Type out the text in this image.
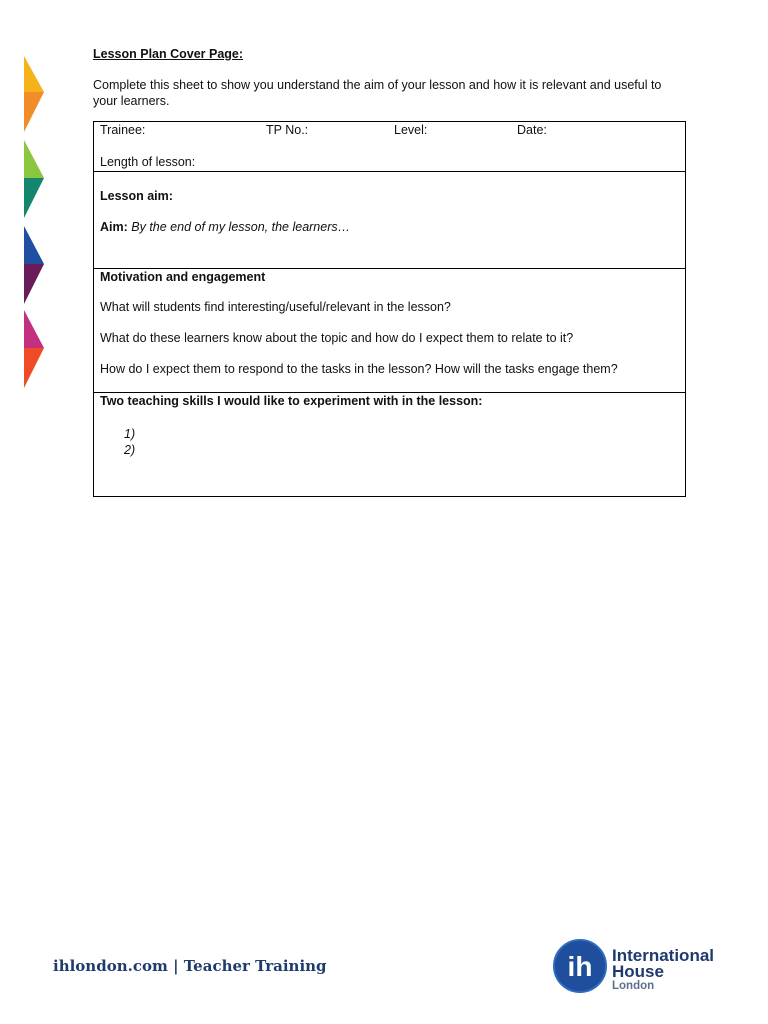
Lesson Plan Cover Page:
Complete this sheet to show you understand the aim of your lesson and how it is relevant and useful to your learners.
Trainee:	TP No.:	Level:	Date:
Length of lesson:
Lesson aim:
Aim: By the end of my lesson, the learners…
Motivation and engagement
What will students find interesting/useful/relevant in the lesson?
What do these learners know about the topic and how do I expect them to relate to it?
How do I expect them to respond to the tasks in the lesson? How will the tasks engage them?
Two teaching skills I would like to experiment with in the lesson:
1)
2)
ihlondon.com | Teacher Training	ih International
House
London
